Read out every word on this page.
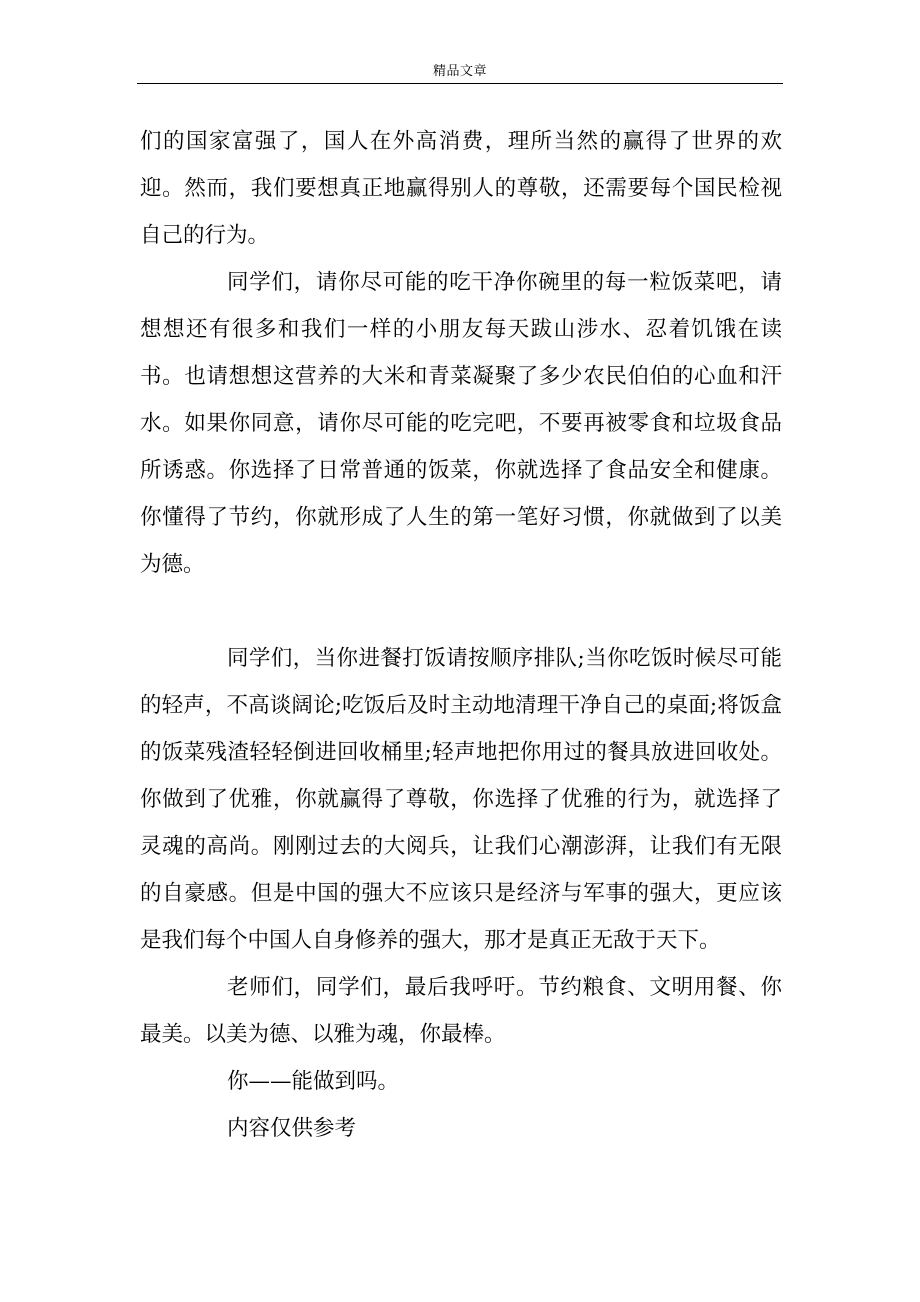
精品文章

们的国家富强了，国人在外高消费，理所当然的赢得了世界的欢迎。然而，我们要想真正地赢得别人的尊敬，还需要每个国民检视自己的行为。

同学们，请你尽可能的吃干净你碗里的每一粒饭菜吧，请想想还有很多和我们一样的小朋友每天跋山涉水、忍着饥饿在读书。也请想想这营养的大米和青菜凝聚了多少农民伯伯的心血和汗水。如果你同意，请你尽可能的吃完吧，不要再被零食和垃圾食品所诱惑。你选择了日常普通的饭菜，你就选择了食品安全和健康。你懂得了节约，你就形成了人生的第一笔好习惯，你就做到了以美为德。

同学们，当你进餐打饭请按顺序排队;当你吃饭时候尽可能的轻声，不高谈阔论;吃饭后及时主动地清理干净自己的桌面;将饭盒的饭菜残渣轻轻倒进回收桶里;轻声地把你用过的餐具放进回收处。你做到了优雅，你就赢得了尊敬，你选择了优雅的行为，就选择了灵魂的高尚。刚刚过去的大阅兵，让我们心潮澎湃，让我们有无限的自豪感。但是中国的强大不应该只是经济与军事的强大，更应该是我们每个中国人自身修养的强大，那才是真正无敌于天下。

老师们，同学们，最后我呼吁。节约粮食、文明用餐、你最美。以美为德、以雅为魂，你最棒。

你——能做到吗。

内容仅供参考
